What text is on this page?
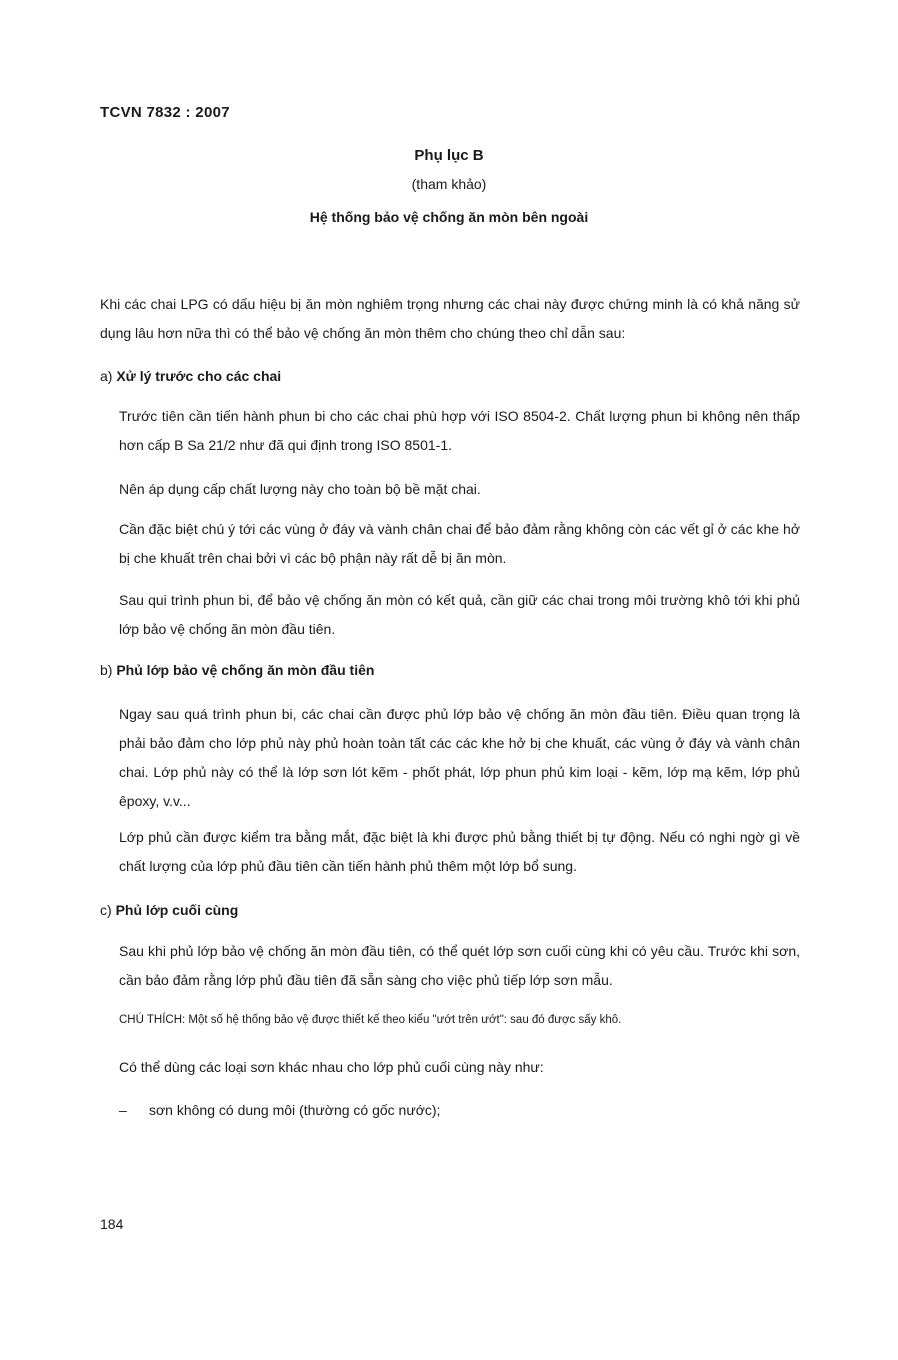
TCVN 7832 : 2007
Phụ lục B
(tham khảo)
Hệ thống bảo vệ chống ăn mòn bên ngoài
Khi các chai LPG có dấu hiệu bị ăn mòn nghiêm trọng nhưng các chai này được chứng minh là có khả năng sử dụng lâu hơn nữa thì có thể bảo vệ chống ăn mòn thêm cho chúng theo chỉ dẫn sau:
a) Xử lý trước cho các chai
Trước tiên cần tiến hành phun bi cho các chai phù hợp với ISO 8504-2. Chất lượng phun bi không nên thấp hơn cấp B Sa 21/2 như đã qui định trong ISO 8501-1.
Nên áp dụng cấp chất lượng này cho toàn bộ bề mặt chai.
Cần đặc biệt chú ý tới các vùng ở đáy và vành chân chai để bảo đảm rằng không còn các vết gỉ ở các khe hở bị che khuất trên chai bởi vì các bộ phận này rất dễ bị ăn mòn.
Sau qui trình phun bi, để bảo vệ chống ăn mòn có kết quả, cần giữ các chai trong môi trường khô tới khi phủ lớp bảo vệ chống ăn mòn đầu tiên.
b) Phủ lớp bảo vệ chống ăn mòn đầu tiên
Ngay sau quá trình phun bi, các chai cần được phủ lớp bảo vệ chống ăn mòn đầu tiên. Điều quan trọng là phải bảo đảm cho lớp phủ này phủ hoàn toàn tất các các khe hở bị che khuất, các vùng ở đáy và vành chân chai. Lớp phủ này có thể là lớp sơn lót kẽm - phốt phát, lớp phun phủ kim loại - kẽm, lớp mạ kẽm, lớp phủ êpoxy, v.v...
Lớp phủ cần được kiểm tra bằng mắt, đặc biệt là khi được phủ bằng thiết bị tự động. Nếu có nghi ngờ gì về chất lượng của lớp phủ đầu tiên cần tiến hành phủ thêm một lớp bổ sung.
c) Phủ lớp cuối cùng
Sau khi phủ lớp bảo vệ chống ăn mòn đầu tiên, có thể quét lớp sơn cuối cùng khi có yêu cầu. Trước khi sơn, cần bảo đảm rằng lớp phủ đầu tiên đã sẵn sàng cho việc phủ tiếp lớp sơn mẫu.
CHÚ THÍCH: Một số hệ thống bảo vệ được thiết kế theo kiểu "ướt trên ướt": sau đó được sấy khô.
Có thể dùng các loại sơn khác nhau cho lớp phủ cuối cùng này như:
– sơn không có dung môi (thường có gốc nước);
184
